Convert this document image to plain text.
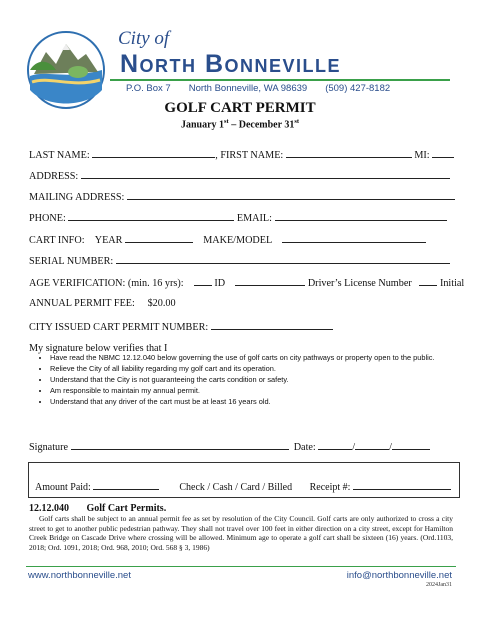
City of
North Bonneville
P.O. Box 7 North Bonneville, WA 98639 (509) 427-8182
GOLF CART PERMIT
January 1st – December 31st
LAST NAME:	, FIRST NAME:	MI:
ADDRESS:
MAILING ADDRESS:
PHONE:	EMAIL:
CART INFO: YEAR	MAKE/MODEL
SERIAL NUMBER:
AGE VERIFICATION: (min. 16 yrs):	ID	Driver’s License Number	Initial
ANNUAL PERMIT FEE: $20.00
CITY ISSUED CART PERMIT NUMBER:
My signature below verifies that I
• Have read the NBMC 12.12.040 below governing the use of golf carts on city pathways or property open to the public.
• Relieve the City of all liability regarding my golf cart and its operation.
• Understand that the City is not guaranteeing the carts condition or safety.
• Am responsible to maintain my annual permit.
• Understand that any driver of the cart must be at least 16 years old.
Signature	Date:	/	/
Amount Paid:	Check / Cash / Card / Billed Receipt #:
12.12.040 Golf Cart Permits.
Golf carts shall be subject to an annual permit fee as set by resolution of the City Council. Golf carts are only authorized to cross a city street to get to another public pedestrian pathway. They shall not travel over 100 feet in either direction on a city street, except for Hamilton Creek Bridge on Cascade Drive where crossing will be allowed. Minimum age to operate a golf cart shall be sixteen (16) years. (Ord.1103, 2018; Ord. 1091, 2018; Ord. 968, 2010; Ord. 568 § 3, 1986)
www.northbonneville.net	info@northbonneville.net
2024Jan31
